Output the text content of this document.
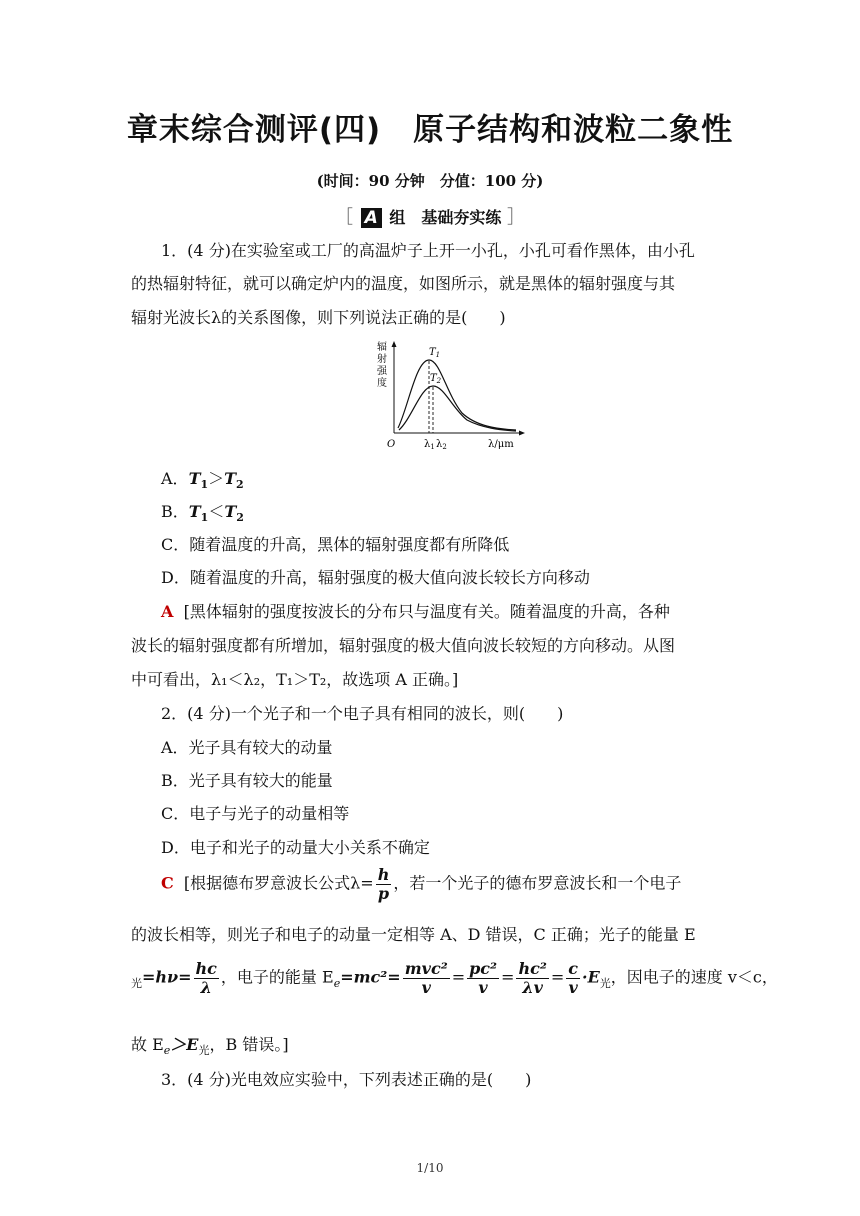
章末综合测评(四)　原子结构和波粒二象性
(时间：90 分钟　分值：100 分)
［ A 组　基础夯实练 ］
1．(4 分)在实验室或工厂的高温炉子上开一小孔，小孔可看作黑体，由小孔
的热辐射特征，就可以确定炉内的温度，如图所示，就是黑体的辐射强度与其
辐射光波长λ的关系图像，则下列说法正确的是(　　)
辐
射
强
度
$T_1$
$T_2$
O	$\lambda_1$ $\lambda_2$	λ/μm
A．$T_1>T_2$
B．$T_1<T_2$
C．随着温度的升高，黑体的辐射强度都有所降低
D．随着温度的升高，辐射强度的极大值向波长较长方向移动
A [黑体辐射的强度按波长的分布只与温度有关。随着温度的升高，各种
波长的辐射强度都有所增加，辐射强度的极大值向波长较短的方向移动。从图
中可看出，λ₁＜λ₂，T₁＞T₂，故选项 A 正确。]
2．(4 分)一个光子和一个电子具有相同的波长，则(　　)
A．光子具有较大的动量
B．光子具有较大的能量
C．电子与光子的动量相等
D．电子和光子的动量大小关系不确定
C [根据德布罗意波长公式$\lambda= \frac{h}{p}$ ，若一个光子的德布罗意波长和一个电子
的波长相等，则光子和电子的动量一定相等 A、D 错误，C 正确；光子的能量 E
$_光=h\nu= \frac{hc}{\lambda}$ ，电子的能量 $E_e=mc^2= \frac{\text{mvc²}}{v} = \frac{\text{pc²}}{v} = \frac{\text{hc²}}{\lambda v} = \frac{c}{v} \cdot E_光$，因电子的速度 v＜c，
故 $E_e>E_光$，B 错误。]
3．(4 分)光电效应实验中，下列表述正确的是(　　)
1/10
